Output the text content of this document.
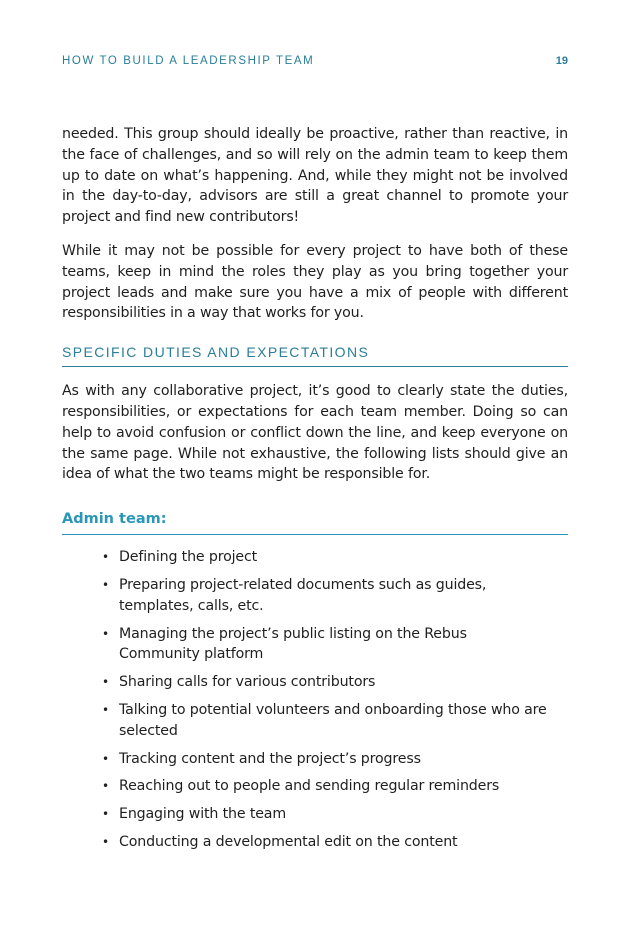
HOW TO BUILD A LEADERSHIP TEAM	19

needed. This group should ideally be proactive, rather than reactive, in the face of challenges, and so will rely on the admin team to keep them up to date on what’s happening. And, while they might not be involved in the day-to-day, advisors are still a great channel to promote your project and find new contributors!

While it may not be possible for every project to have both of these teams, keep in mind the roles they play as you bring together your project leads and make sure you have a mix of people with different responsibilities in a way that works for you.

SPECIFIC DUTIES AND EXPECTATIONS

As with any collaborative project, it’s good to clearly state the duties, responsibilities, or expectations for each team member. Doing so can help to avoid confusion or conflict down the line, and keep everyone on the same page. While not exhaustive, the following lists should give an idea of what the two teams might be responsible for.

Admin team:
• Defining the project
• Preparing project-related documents such as guides, templates, calls, etc.
• Managing the project’s public listing on the Rebus Community platform
• Sharing calls for various contributors
• Talking to potential volunteers and onboarding those who are selected
• Tracking content and the project’s progress
• Reaching out to people and sending regular reminders
• Engaging with the team
• Conducting a developmental edit on the content
